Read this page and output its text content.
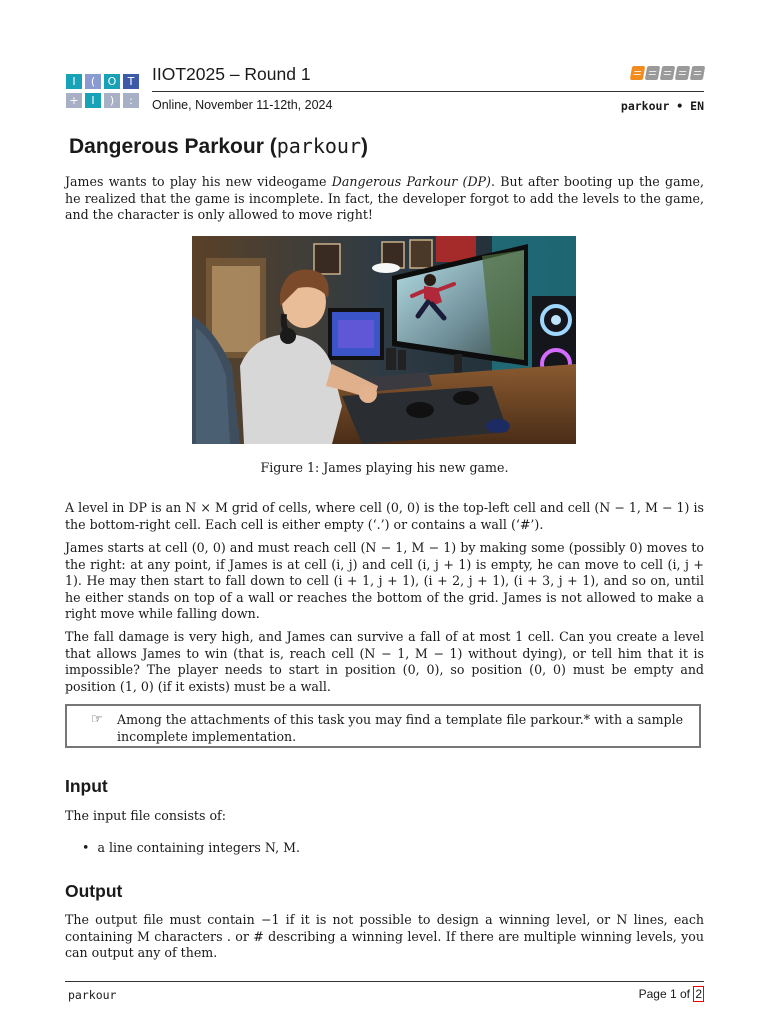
I	(	O	T
+	I	)	:
IIOT2025 – Round 1
Online, November 11-12th, 2024	parkour • EN
Dangerous Parkour (parkour)
James wants to play his new videogame Dangerous Parkour (DP). But after booting up the game, he realized that the game is incomplete. In fact, the developer forgot to add the levels to the game, and the character is only allowed to move right!
Figure 1: James playing his new game.
A level in DP is an N × M grid of cells, where cell (0, 0) is the top-left cell and cell (N − 1, M − 1) is the bottom-right cell. Each cell is either empty (‘.’) or contains a wall (‘#’).
James starts at cell (0, 0) and must reach cell (N − 1, M − 1) by making some (possibly 0) moves to the right: at any point, if James is at cell (i, j) and cell (i, j + 1) is empty, he can move to cell (i, j + 1). He may then start to fall down to cell (i + 1, j + 1), (i + 2, j + 1), (i + 3, j + 1), and so on, until he either stands on top of a wall or reaches the bottom of the grid. James is not allowed to make a right move while falling down.
The fall damage is very high, and James can survive a fall of at most 1 cell. Can you create a level that allows James to win (that is, reach cell (N − 1, M − 1) without dying), or tell him that it is impossible? The player needs to start in position (0, 0), so position (0, 0) must be empty and position (1, 0) (if it exists) must be a wall.
☞ Among the attachments of this task you may find a template file parkour.* with a sample incomplete implementation.
Input
The input file consists of:
•  a line containing integers N, M.
Output
The output file must contain −1 if it is not possible to design a winning level, or N lines, each containing M characters . or # describing a winning level. If there are multiple winning levels, you can output any of them.
parkour	Page 1 of 2
